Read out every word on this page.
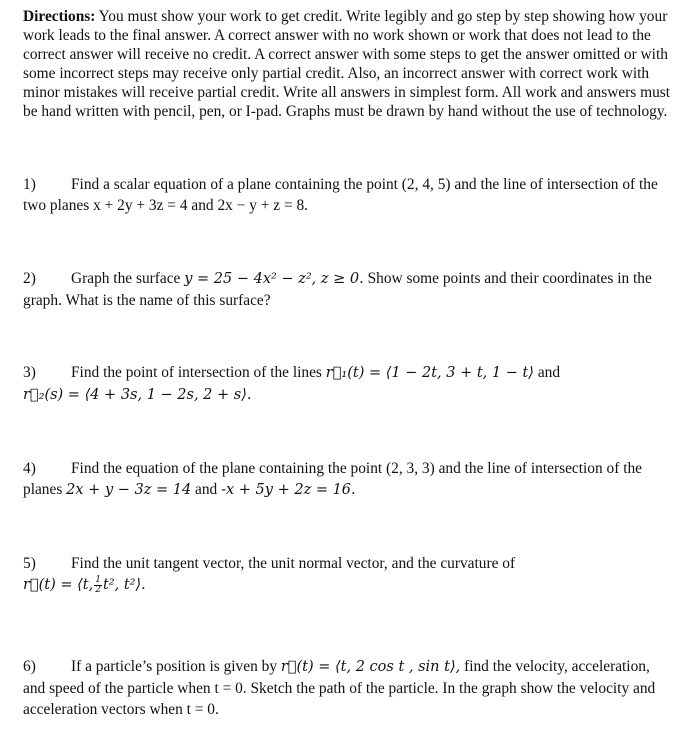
Directions: You must show your work to get credit. Write legibly and go step by step showing how your work leads to the final answer. A correct answer with no work shown or work that does not lead to the correct answer will receive no credit. A correct answer with some steps to get the answer omitted or with some incorrect steps may receive only partial credit. Also, an incorrect answer with correct work with minor mistakes will receive partial credit. Write all answers in simplest form. All work and answers must be hand written with pencil, pen, or I-pad. Graphs must be drawn by hand without the use of technology.
1) Find a scalar equation of a plane containing the point (2, 4, 5) and the line of intersection of the two planes x + 2y + 3z = 4 and 2x − y + z = 8.
2) Graph the surface y = 25 − 4x² − z², z ≥ 0. Show some points and their coordinates in the graph. What is the name of this surface?
3) Find the point of intersection of the lines r⃗₁(t) = ⟨1 − 2t, 3 + t, 1 − t⟩ and
r⃗₂(s) = ⟨4 + 3s, 1 − 2s, 2 + s⟩.
4) Find the equation of the plane containing the point (2, 3, 3) and the line of intersection of the planes 2x + y − 3z = 14 and -x + 5y + 2z = 16.
5) Find the unit tangent vector, the unit normal vector, and the curvature of
r⃗(t) = ⟨t, $\frac{1}{2} t^2$, t²⟩.
6) If a particle’s position is given by r⃗(t) = ⟨t, 2 cos t , sin t⟩, find the velocity, acceleration, and speed of the particle when t = 0. Sketch the path of the particle. In the graph show the velocity and acceleration vectors when t = 0.
